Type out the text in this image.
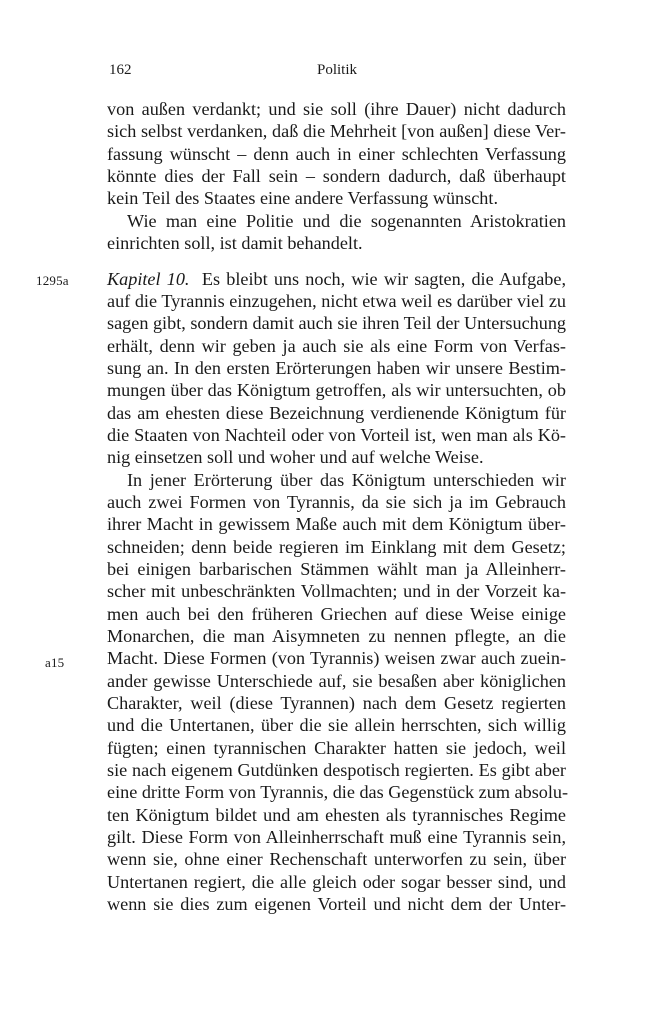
162	Politik
von außen verdankt; und sie soll (ihre Dauer) nicht dadurch
sich selbst verdanken, daß die Mehrheit [von außen] diese Ver-
fassung wünscht – denn auch in einer schlechten Verfassung
könnte dies der Fall sein – sondern dadurch, daß überhaupt
kein Teil des Staates eine andere Verfassung wünscht.
Wie man eine Politie und die sogenannten Aristokratien
einrichten soll, ist damit behandelt.
1295a	Kapitel 10. Es bleibt uns noch, wie wir sagten, die Aufgabe,
auf die Tyrannis einzugehen, nicht etwa weil es darüber viel zu
sagen gibt, sondern damit auch sie ihren Teil der Untersuchung
erhält, denn wir geben ja auch sie als eine Form von Verfas-
sung an. In den ersten Erörterungen haben wir unsere Bestim-
mungen über das Königtum getroffen, als wir untersuchten, ob
das am ehesten diese Bezeichnung verdienende Königtum für
die Staaten von Nachteil oder von Vorteil ist, wen man als Kö-
nig einsetzen soll und woher und auf welche Weise.
In jener Erörterung über das Königtum unterschieden wir
auch zwei Formen von Tyrannis, da sie sich ja im Gebrauch
ihrer Macht in gewissem Maße auch mit dem Königtum über-
schneiden; denn beide regieren im Einklang mit dem Gesetz;
bei einigen barbarischen Stämmen wählt man ja Alleinherr-
scher mit unbeschränkten Vollmachten; und in der Vorzeit ka-
men auch bei den früheren Griechen auf diese Weise einige
Monarchen, die man Aisymneten zu nennen pflegte, an die
Macht. Diese Formen (von Tyrannis) weisen zwar auch zuein-
a15
ander gewisse Unterschiede auf, sie besaßen aber königlichen
Charakter, weil (diese Tyrannen) nach dem Gesetz regierten
und die Untertanen, über die sie allein herrschten, sich willig
fügten; einen tyrannischen Charakter hatten sie jedoch, weil
sie nach eigenem Gutdünken despotisch regierten. Es gibt aber
eine dritte Form von Tyrannis, die das Gegenstück zum absolu-
ten Königtum bildet und am ehesten als tyrannisches Regime
gilt. Diese Form von Alleinherrschaft muß eine Tyrannis sein,
wenn sie, ohne einer Rechenschaft unterworfen zu sein, über
Untertanen regiert, die alle gleich oder sogar besser sind, und
wenn sie dies zum eigenen Vorteil und nicht dem der Unter-
